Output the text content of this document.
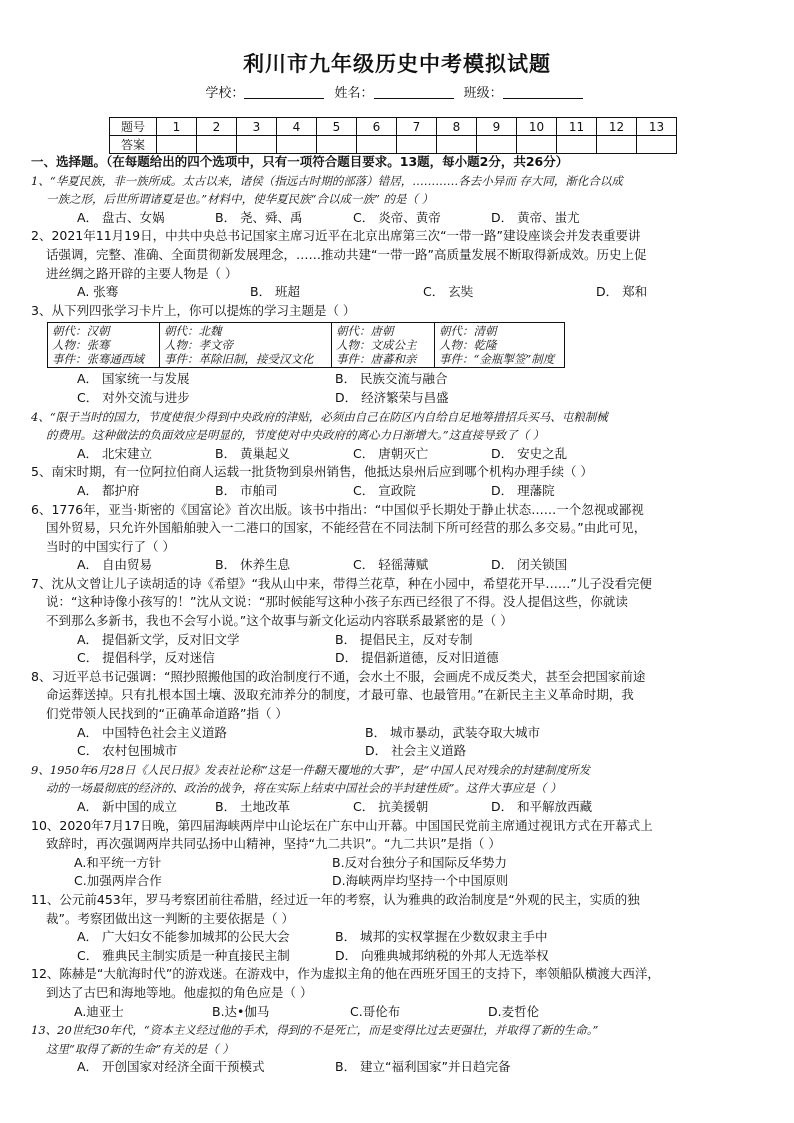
利川市九年级历史中考模拟试题
学校：	姓名：	班级：
题号	1	2	3	4	5	6	7	8	9	10	11	12	13
答案													
一、选择题。（在每题给出的四个选项中，只有一项符合题目要求。13题，每小题2分，共26分）
1、“华夏民族，非一族所成。太古以来，诸侯（指远古时期的部落）错居，…………各去小异而 存大同，渐化合以成
一族之形，后世所谓诸夏是也。”材料中，使华夏民族“合以成一族” 的是（ ）
A． 盘古、女娲	B． 尧、舜、禹	C． 炎帝、黄帝	D． 黄帝、蚩尤
2、2021年11月19日，中共中央总书记国家主席习近平在北京出席第三次“一带一路”建设座谈会并发表重要讲
话强调，完整、准确、全面贯彻新发展理念，……推动共建“一带一路”高质量发展不断取得新成效。历史上促
进丝绸之路开辟的主要人物是（ ）
A. 张骞	B． 班超	C． 玄奘	D． 郑和
3、从下列四张学习卡片上，你可以提炼的学习主题是（ ）
朝代：汉朝
人物：张骞
事件：张骞通西域

朝代：北魏
人物：孝文帝
事件：革除旧制，接受汉文化

朝代：唐朝
人物：文成公主
事件：唐蕃和亲

朝代：清朝
人物：乾隆
事件：“金瓶掣签”制度
A． 国家统一与发展	B． 民族交流与融合
C． 对外交流与进步	D． 经济繁荣与昌盛
4、“限于当时的国力，节度使很少得到中央政府的津贴，必须由自己在防区内自给自足地筹措招兵买马、屯粮制械
的费用。这种做法的负面效应是明显的，节度使对中央政府的离心力日渐增大。”这直接导致了（ ）
A． 北宋建立	B． 黄巢起义	C． 唐朝灭亡	D． 安史之乱
5、南宋时期，有一位阿拉伯商人运载一批货物到泉州销售，他抵达泉州后应到哪个机构办理手续（ ）
A． 都护府	B． 市舶司	C． 宣政院	D． 理藩院
6、1776年，亚当·斯密的《国富论》首次出版。该书中指出：“中国似乎长期处于静止状态……一个忽视或鄙视
国外贸易，只允许外国船舶驶入一二港口的国家，不能经营在不同法制下所可经营的那么多交易。”由此可见，
当时的中国实行了（ ）
A． 自由贸易	B． 休养生息	C． 轻徭薄赋	D． 闭关锁国
7、沈从文曾让儿子读胡适的诗《希望》“我从山中来，带得兰花草，种在小园中，希望花开早……”儿子没看完便
说：“这种诗像小孩写的！”沈从文说：“那时候能写这种小孩子东西已经很了不得。没人提倡这些，你就读
不到那么多新书，我也不会写小说。”这个故事与新文化运动内容联系最紧密的是（ ）
A． 提倡新文学，反对旧文学	B． 提倡民主，反对专制
C． 提倡科学，反对迷信	D． 提倡新道德，反对旧道德
8、习近平总书记强调：“照抄照搬他国的政治制度行不通，会水土不服，会画虎不成反类犬，甚至会把国家前途
命运葬送掉。只有扎根本国土壤、汲取充沛养分的制度，才最可靠、也最管用。”在新民主主义革命时期，我
们党带领人民找到的“正确革命道路”指（ ）
A． 中国特色社会主义道路	B． 城市暴动，武装夺取大城市
C． 农村包围城市	D． 社会主义道路
9、1950年6月28日《人民日报》发表社论称“这是一件翻天覆地的大事”，是“中国人民对残余的封建制度所发
动的一场最彻底的经济的、政治的战争，将在实际上结束中国社会的半封建性质”。这件大事应是（ ）
A． 新中国的成立	B． 土地改革	C． 抗美援朝	D． 和平解放西藏
10、2020年7月17日晚，第四届海峡两岸中山论坛在广东中山开幕。中国国民党前主席通过视讯方式在开幕式上
致辞时，再次强调两岸共同弘扬中山精神，坚持“九二共识”。“九二共识”是指（ ）
A.和平统一方针	B.反对台独分子和国际反华势力
C.加强两岸合作	D.海峡两岸均坚持一个中国原则
11、公元前453年，罗马考察团前往希腊，经过近一年的考察，认为雅典的政治制度是“外观的民主，实质的独
裁”。考察团做出这一判断的主要依据是（ ）
A． 广大妇女不能参加城邦的公民大会	B． 城邦的实权掌握在少数奴隶主手中
C． 雅典民主制实质是一种直接民主制	D． 向雅典城邦纳税的外邦人无选举权
12、陈赫是“大航海时代”的游戏迷。在游戏中，作为虚拟主角的他在西班牙国王的支持下，率领船队横渡大西洋，
到达了古巴和海地等地。他虚拟的角色应是（ ）
A.迪亚士	B.达•伽马	C.哥伦布	D.麦哲伦
13、20世纪30年代，“资本主义经过他的手术，得到的不是死亡，而是变得比过去更强壮，并取得了新的生命。”
这里“取得了新的生命”有关的是（ ）
A． 开创国家对经济全面干预模式	B． 建立“福利国家”并日趋完备
